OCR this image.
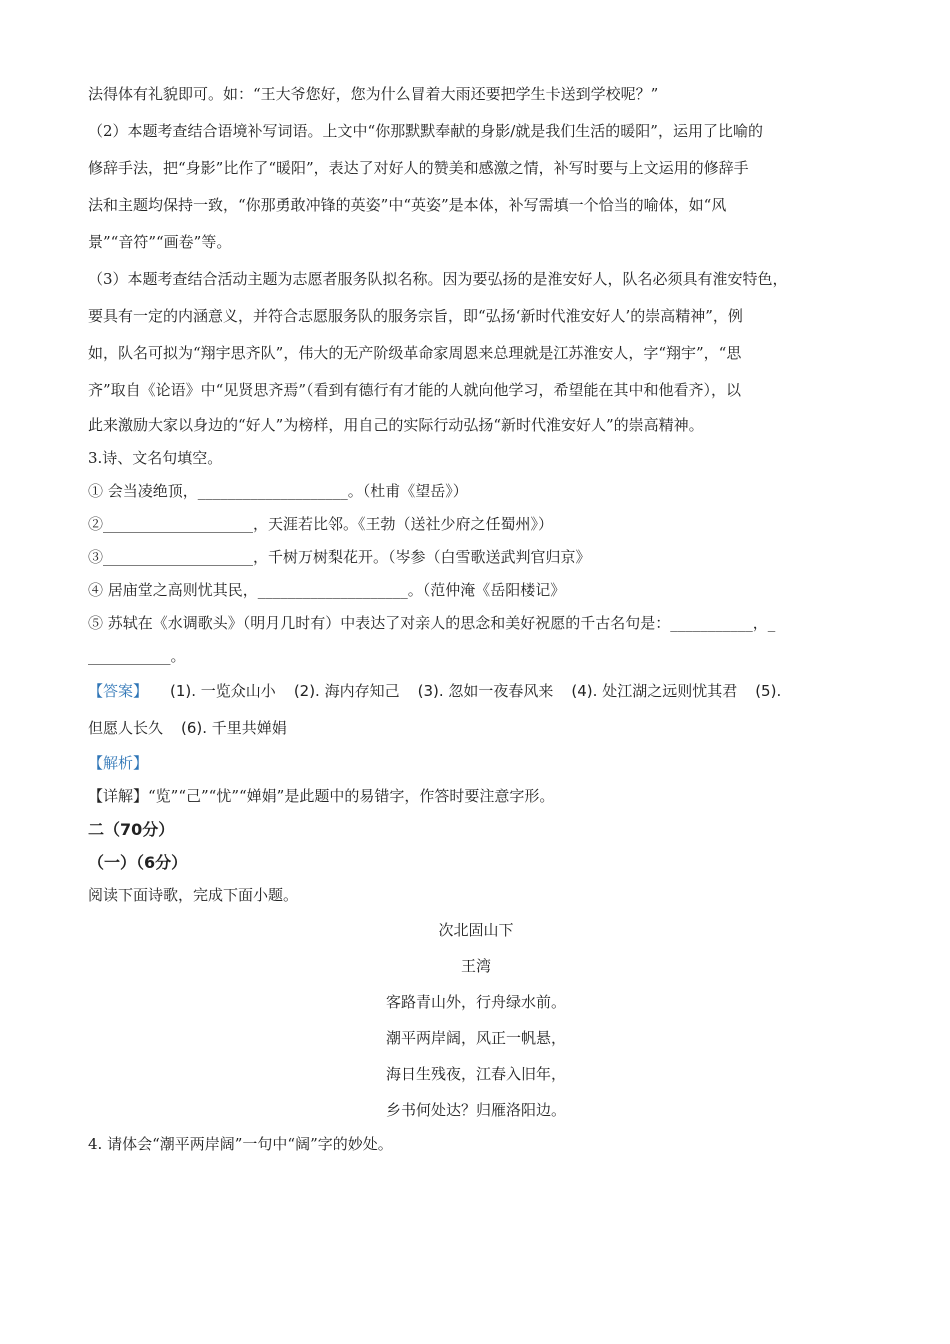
法得体有礼貌即可。如：“王大爷您好，您为什么冒着大雨还要把学生卡送到学校呢？”
（2）本题考查结合语境补写词语。上文中“你那默默奉献的身影/就是我们生活的暖阳”，运用了比喻的
修辞手法，把“身影”比作了“暖阳”，表达了对好人的赞美和感激之情，补写时要与上文运用的修辞手
法和主题均保持一致，“你那勇敢冲锋的英姿”中“英姿”是本体，补写需填一个恰当的喻体，如“风
景”“音符”“画卷”等。
（3）本题考查结合活动主题为志愿者服务队拟名称。因为要弘扬的是淮安好人，队名必须具有淮安特色，
要具有一定的内涵意义，并符合志愿服务队的服务宗旨，即“弘扬‘新时代淮安好人’的崇高精神”，例
如，队名可拟为“翔宇思齐队”，伟大的无产阶级革命家周恩来总理就是江苏淮安人，字“翔宇”，“思
齐”取自《论语》中“见贤思齐焉”（看到有德行有才能的人就向他学习，希望能在其中和他看齐），以
此来激励大家以身边的“好人”为榜样，用自己的实际行动弘扬“新时代淮安好人”的崇高精神。
3.诗、文名句填空。
① 会当凌绝顶，____________________。（杜甫《望岳》）
②____________________，天涯若比邻。《王勃（送社少府之任蜀州》）
③____________________，千树万树梨花开。（岑参（白雪歌送武判官归京》
④ 居庙堂之高则忧其民，____________________。（范仲淹《岳阳楼记》
⑤ 苏轼在《水调歌头》（明月几时有）中表达了对亲人的思念和美好祝愿的千古名句是：___________，_
___________。
【答案】 (1). 一览众山小 (2). 海内存知己 (3). 忽如一夜春风来 (4). 处江湖之远则忧其君 (5).
但愿人长久 (6). 千里共婵娟
【解析】
【详解】“览”“己”“忧”“婵娟”是此题中的易错字，作答时要注意字形。
二（70分）
（一）（6分）
阅读下面诗歌，完成下面小题。
次北固山下
王湾
客路青山外，行舟绿水前。
潮平两岸阔，风正一帆悬，
海日生残夜，江春入旧年，
乡书何处达？归雁洛阳边。
4. 请体会“潮平两岸阔”一句中“阔”字的妙处。
